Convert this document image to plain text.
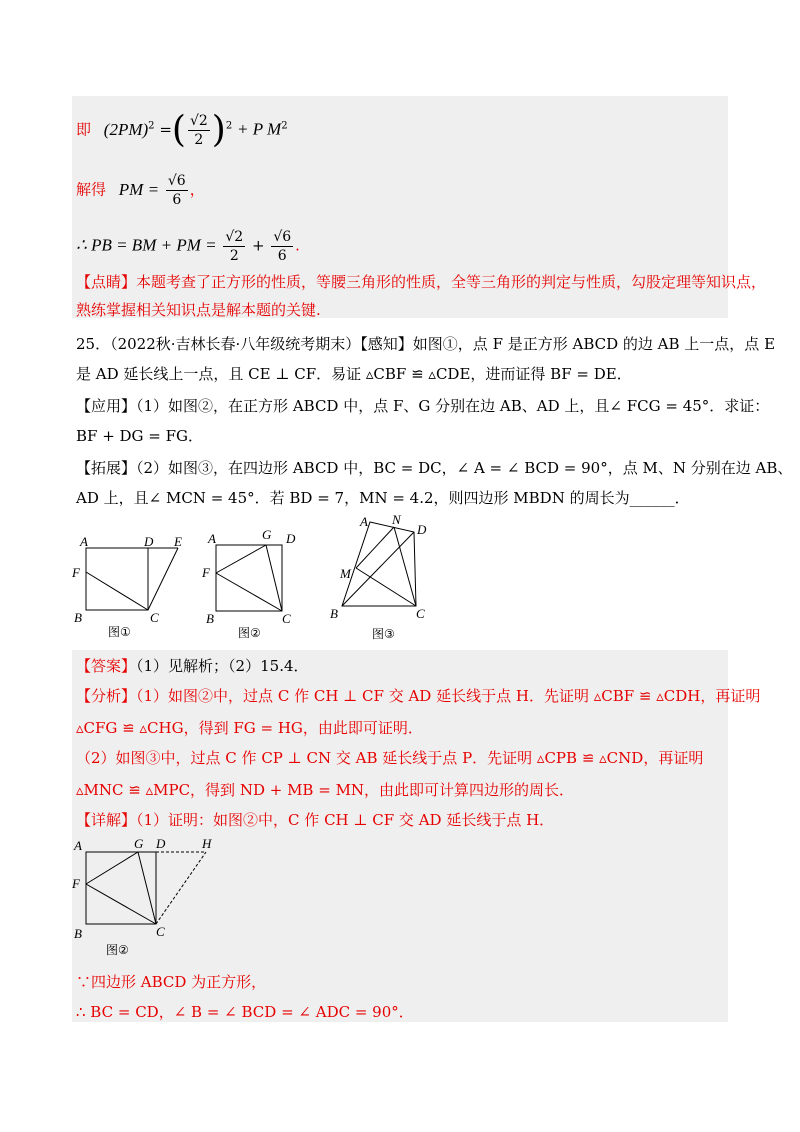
即 $(2PM)^2$ =( $\frac{√2}{2} )^2 + P$ $M^2$
解得 PM = $\frac{√6}{6}$ ，
∴ PB = BM + PM = $\frac{√2}{2} + \frac{√6}{6}$ .
【点睛】本题考查了正方形的性质，等腰三角形的性质，全等三角形的判定与性质，勾股定理等知识点，
熟练掌握相关知识点是解本题的关键.
25．（2022秋·吉林长春·八年级统考期末）【感知】如图①，点 F 是正方形 ABCD 的边 AB 上一点，点 E
是 AD 延长线上一点，且 CE ⊥ CF．易证 ▵CBF ≌ ▵CDE，进而证得 BF = DE．
【应用】（1）如图②，在正方形 ABCD 中，点 F、G 分别在边 AB、AD 上，且∠ FCG = 45°．求证：
BF + DG = FG．
【拓展】（2）如图③，在四边形 ABCD 中，BC = DC，∠ A = ∠ BCD = 90°，点 M、N 分别在边 AB、
AD 上，且∠ MCN = 45°．若 BD = 7，MN = 4.2，则四边形 MBDN 的周长为______．
A	D E
F
B	C
图①
A	G D
F
B	C
图②
A N
D
M
B	C
图③
【答案】（1）见解析；（2）15.4．
【分析】（1）如图②中，过点 C 作 CH ⊥ CF 交 AD 延长线于点 H．先证明 ▵CBF ≌ ▵CDH，再证明
▵CFG ≌ ▵CHG，得到 FG = HG，由此即可证明．
（2）如图③中，过点 C 作 CP ⊥ CN 交 AB 延长线于点 P．先证明 ▵CPB ≌ ▵CND，再证明
▵MNC ≌ ▵MPC，得到 ND + MB = MN，由此即可计算四边形的周长．
【详解】（1）证明：如图②中，C 作 CH ⊥ CF 交 AD 延长线于点 H．
A	G D	H
F
B	C
图②
∵四边形 ABCD 为正方形，
∴ BC = CD，∠ B = ∠ BCD = ∠ ADC = 90°．
